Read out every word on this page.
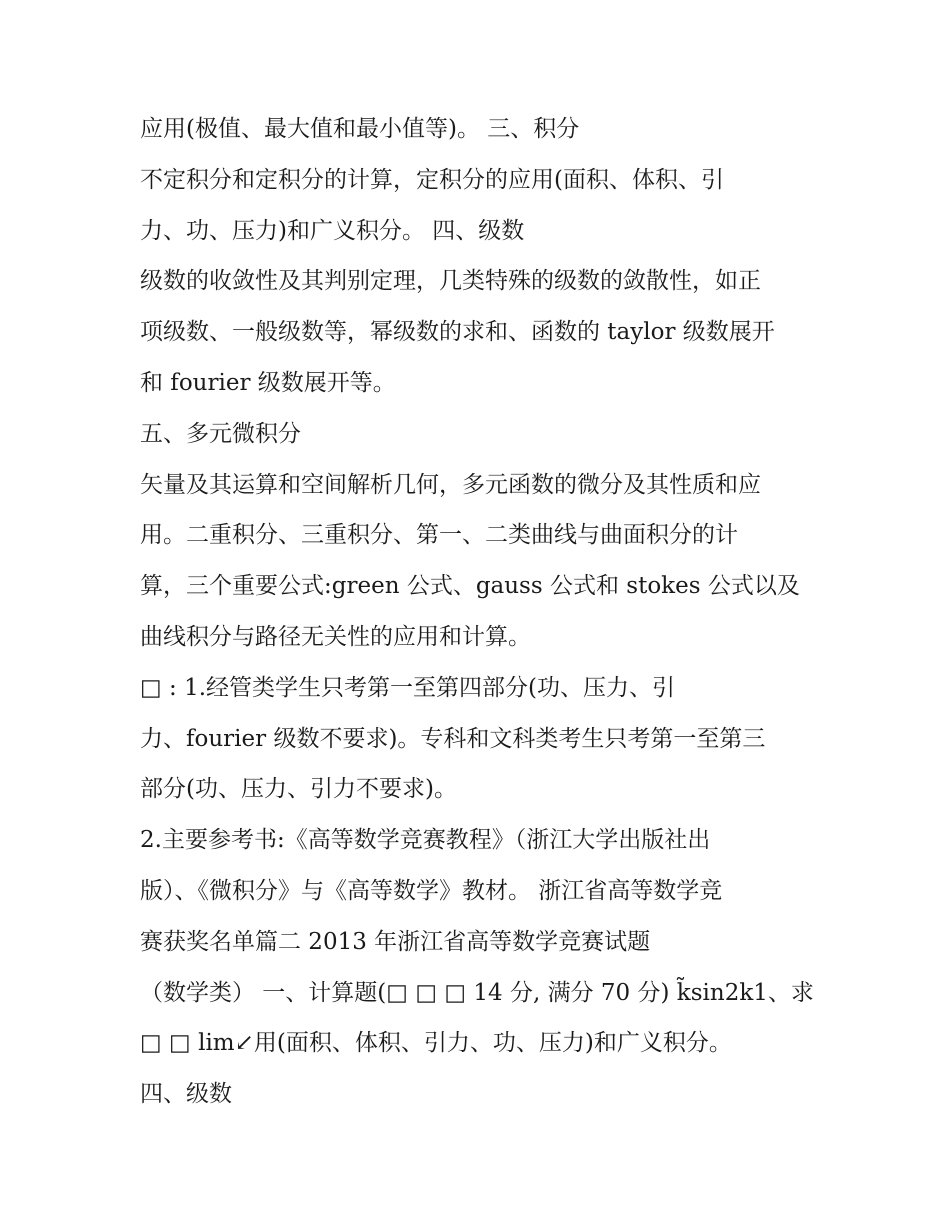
应用(极值、最大值和最小值等)。 三、积分
不定积分和定积分的计算，定积分的应用(面积、体积、引
力、功、压力)和广义积分。 四、级数
级数的收敛性及其判别定理，几类特殊的级数的敛散性，如正
项级数、一般级数等，幂级数的求和、函数的 taylor 级数展开
和 fourier 级数展开等。
五、多元微积分
矢量及其运算和空间解析几何，多元函数的微分及其性质和应
用。二重积分、三重积分、第一、二类曲线与曲面积分的计
算，三个重要公式:green 公式、gauss 公式和 stokes 公式以及
曲线积分与路径无关性的应用和计算。
□ : 1.经管类学生只考第一至第四部分(功、压力、引
力、fourier 级数不要求)。专科和文科类考生只考第一至第三
部分(功、压力、引力不要求)。
2.主要参考书:《高等数学竞赛教程》（浙江大学出版社出
版）、《微积分》与《高等数学》教材。 浙江省高等数学竞
赛获奖名单篇二 2013 年浙江省高等数学竞赛试题
（数学类） 一、计算题(□ □ □ 14 分, 满分 70 分) k̃sin2k1、求
□ □ lim↙用(面积、体积、引力、功、压力)和广义积分。
四、级数
